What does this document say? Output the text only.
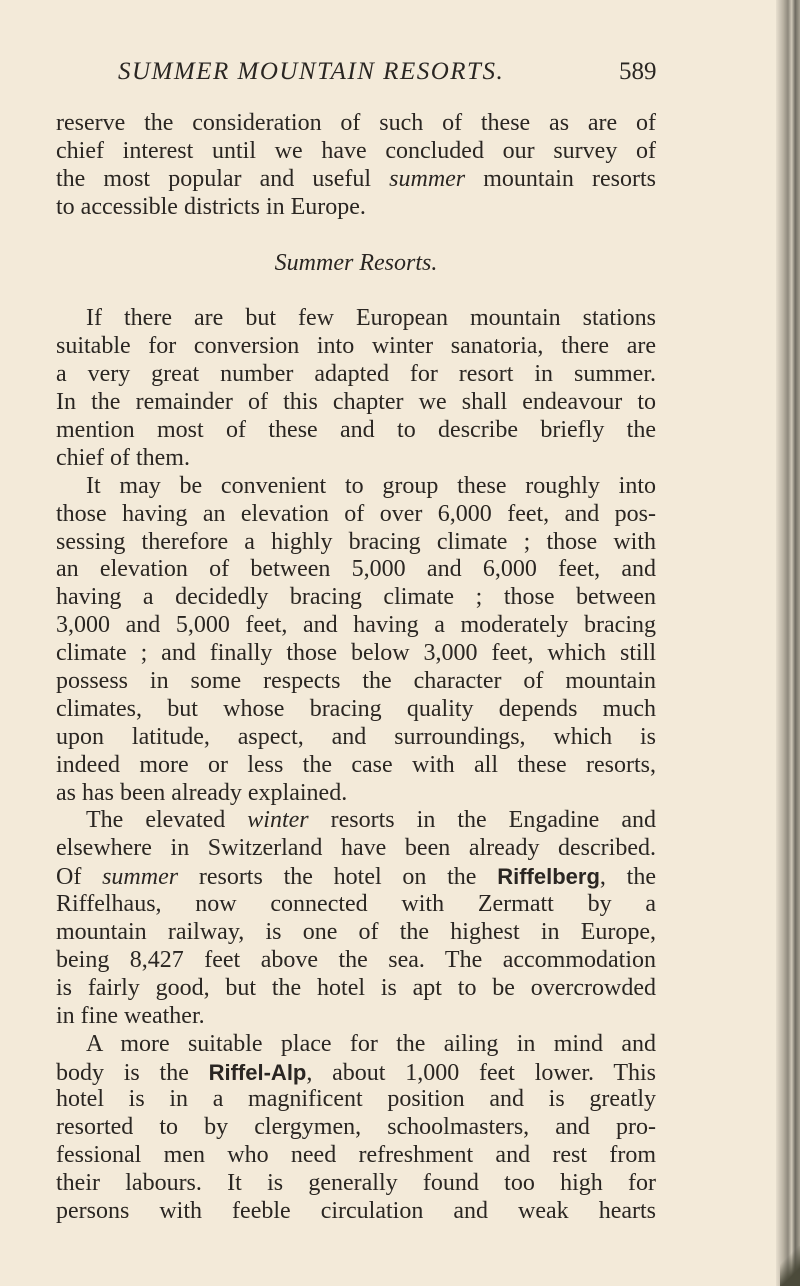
SUMMER MOUNTAIN RESORTS.	589
reserve the consideration of such of these as are of
chief interest until we have concluded our survey of
the most popular and useful summer mountain resorts
to accessible districts in Europe.
Summer Resorts.
If there are but few European mountain stations
suitable for conversion into winter sanatoria, there are
a very great number adapted for resort in summer.
In the remainder of this chapter we shall endeavour to
mention most of these and to describe briefly the
chief of them.
It may be convenient to group these roughly into
those having an elevation of over 6,000 feet, and pos-
sessing therefore a highly bracing climate ; those with
an elevation of between 5,000 and 6,000 feet, and
having a decidedly bracing climate ; those between
3,000 and 5,000 feet, and having a moderately bracing
climate ; and finally those below 3,000 feet, which still
possess in some respects the character of mountain
climates, but whose bracing quality depends much
upon latitude, aspect, and surroundings, which is
indeed more or less the case with all these resorts,
as has been already explained.
The elevated winter resorts in the Engadine and
elsewhere in Switzerland have been already described.
Of summer resorts the hotel on the Riffelberg, the
Riffelhaus, now connected with Zermatt by a
mountain railway, is one of the highest in Europe,
being 8,427 feet above the sea. The accommodation
is fairly good, but the hotel is apt to be overcrowded
in fine weather.
A more suitable place for the ailing in mind and
body is the Riffel-Alp, about 1,000 feet lower. This
hotel is in a magnificent position and is greatly
resorted to by clergymen, schoolmasters, and pro-
fessional men who need refreshment and rest from
their labours. It is generally found too high for
persons with feeble circulation and weak hearts
